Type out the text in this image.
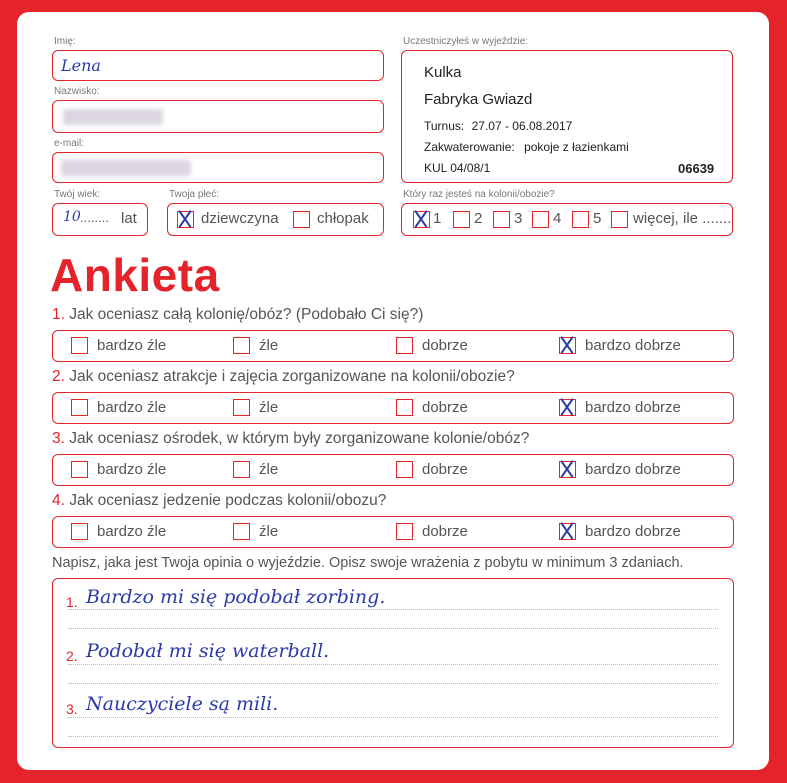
Imię:
Lena
Nazwisko:
e-mail:
Twój wiek:
10 ........ lat
Twoja płeć:
dziewczyna	chłopak
Uczestniczyłeś w wyjeździe:
Kulka
Fabryka Gwiazd
Turnus: 27.07 - 06.08.2017
Zakwaterowanie: pokoje z łazienkami
KUL 04/08/1	06639
Który raz jesteś na kolonii/obozie?
1 2 3 4 5 więcej, ile .......
Ankieta
1. Jak oceniasz całą kolonię/obóz? (Podobało Ci się?)
bardzo źle	źle	dobrze	bardzo dobrze
2. Jak oceniasz atrakcje i zajęcia zorganizowane na kolonii/obozie?
bardzo źle	źle	dobrze	bardzo dobrze
3. Jak oceniasz ośrodek, w którym były zorganizowane kolonie/obóz?
bardzo źle	źle	dobrze	bardzo dobrze
4. Jak oceniasz jedzenie podczas kolonii/obozu?
bardzo źle	źle	dobrze	bardzo dobrze
Napisz, jaka jest Twoja opinia o wyjeździe. Opisz swoje wrażenia z pobytu w minimum 3 zdaniach.
1. Bardzo mi się podobał zorbing.
2. Podobał mi się waterball.
3. Nauczyciele są mili.
